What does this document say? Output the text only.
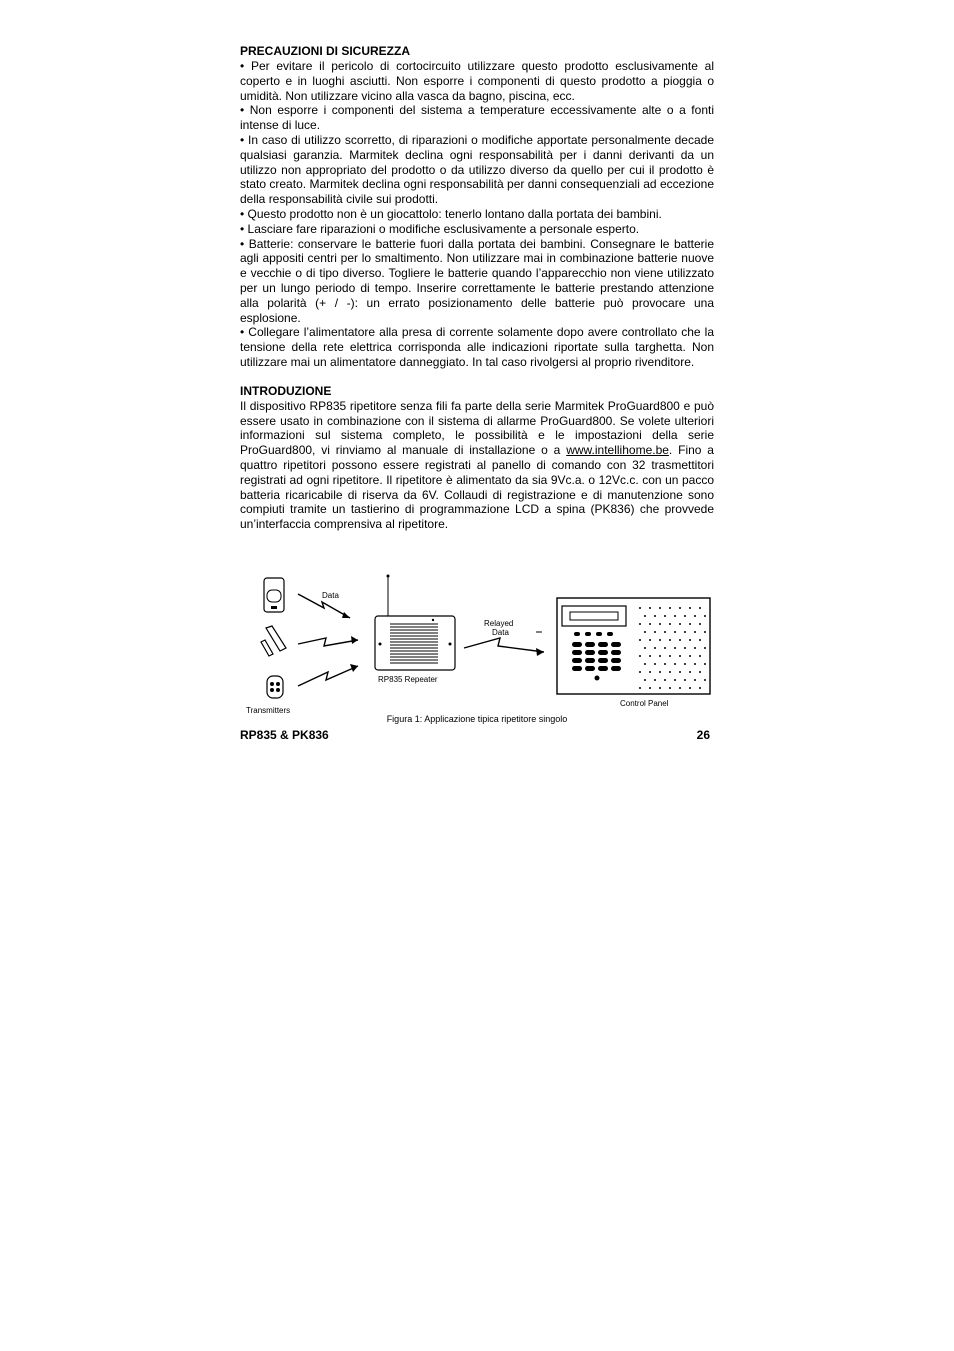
PRECAUZIONI DI SICUREZZA

• Per evitare il pericolo di cortocircuito utilizzare questo prodotto esclusivamente al coperto e in luoghi asciutti. Non esporre i componenti di questo prodotto a pioggia o umidità. Non utilizzare vicino alla vasca da bagno, piscina, ecc.

• Non esporre i componenti del sistema a temperature eccessivamente alte o a fonti intense di luce.

• In caso di utilizzo scorretto, di riparazioni o modifiche apportate personalmente decade qualsiasi garanzia. Marmitek declina ogni responsabilità per i danni derivanti da un utilizzo non appropriato del prodotto o da utilizzo diverso da quello per cui il prodotto è stato creato. Marmitek declina ogni responsabilità per danni consequenziali ad eccezione della responsabilità civile sui prodotti.

• Questo prodotto non è un giocattolo: tenerlo lontano dalla portata dei bambini.

• Lasciare fare riparazioni o modifiche esclusivamente a personale esperto.

• Batterie: conservare le batterie fuori dalla portata dei bambini. Consegnare le batterie agli appositi centri per lo smaltimento. Non utilizzare mai in combinazione batterie nuove e vecchie o di tipo diverso. Togliere le batterie quando l’apparecchio non viene utilizzato per un lungo periodo di tempo. Inserire correttamente le batterie prestando attenzione alla polarità (+ / -): un errato posizionamento delle batterie può provocare una esplosione.

• Collegare l’alimentatore alla presa di corrente solamente dopo avere controllato che la tensione della rete elettrica corrisponda alle indicazioni riportate sulla targhetta. Non utilizzare mai un alimentatore danneggiato. In tal caso rivolgersi al proprio rivenditore.

INTRODUZIONE

Il dispositivo RP835 ripetitore senza fili fa parte della serie Marmitek ProGuard800 e può essere usato in combinazione con il sistema di allarme ProGuard800. Se volete ulteriori informazioni sul sistema completo, le possibilità e le impostazioni della serie ProGuard800, vi rinviamo al manuale di installazione o a www.intellihome.be. Fino a quattro ripetitori possono essere registrati al panello di comando con 32 trasmettitori registrati ad ogni ripetitore. Il ripetitore è alimentato da sia 9Vc.a. o 12Vc.c. con un pacco batteria ricaricabile di riserva da 6V. Collaudi di registrazione e di manutenzione sono compiuti tramite un tastierino di programmazione LCD a spina (PK836) che provvede un’interfaccia comprensiva al ripetitore.

Transmitters
Data
RP835 Repeater
Relayed
Data
Control Panel
Figura 1: Applicazione tipica ripetitore singolo
RP835 & PK836	26
